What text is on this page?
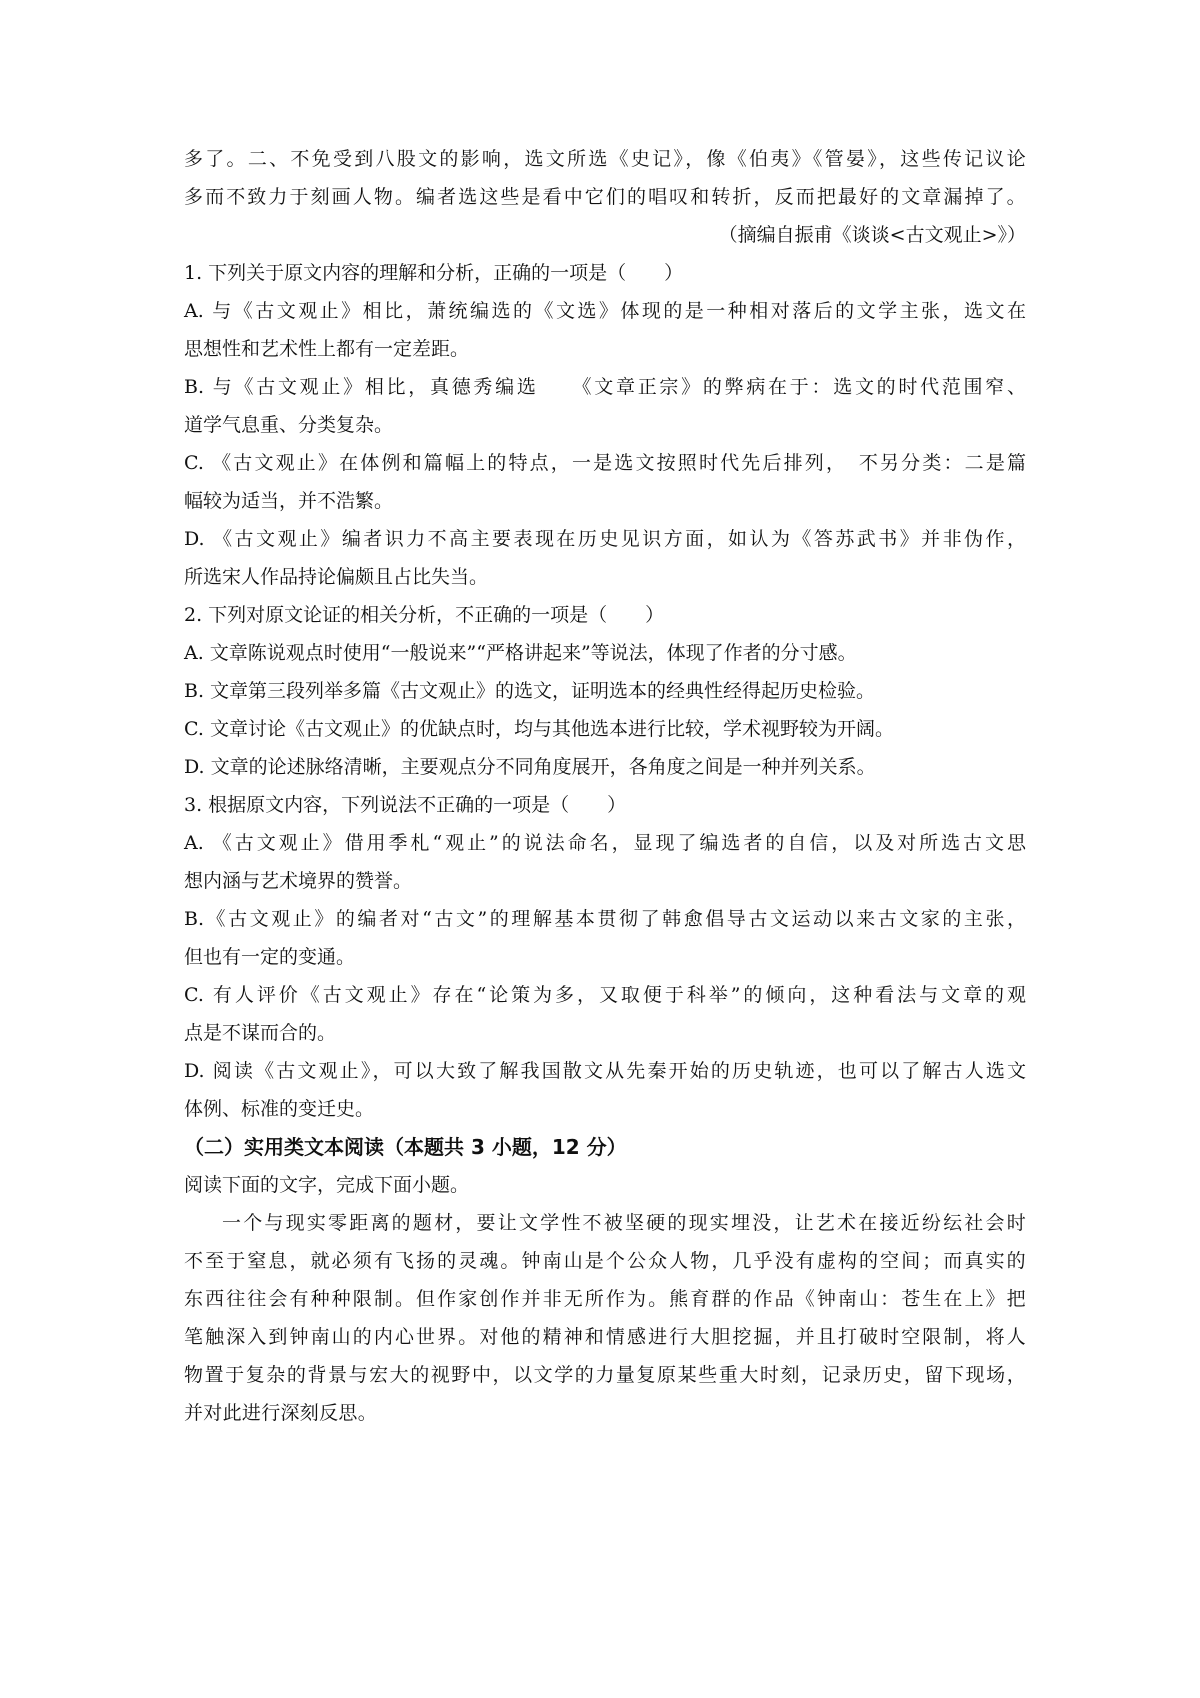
多了。二、不免受到八股文的影响，选文所选《史记》，像《伯夷》《管晏》，这些传记议论
多而不致力于刻画人物。编者选这些是看中它们的唱叹和转折，反而把最好的文章漏掉了。
（摘编自振甫《谈谈<古文观止>》）
1. 下列关于原文内容的理解和分析，正确的一项是（　　）
A. 与《古文观止》相比，萧统编选的《文选》体现的是一种相对落后的文学主张，选文在
思想性和艺术性上都有一定差距。
B. 与《古文观止》相比，真德秀编选　　《文章正宗》的弊病在于：选文的时代范围窄、
道学气息重、分类复杂。
C. 《古文观止》在体例和篇幅上的特点，一是选文按照时代先后排列，　不另分类：二是篇
幅较为适当，并不浩繁。
D. 《古文观止》编者识力不高主要表现在历史见识方面，如认为《答苏武书》并非伪作，
所选宋人作品持论偏颇且占比失当。
2. 下列对原文论证的相关分析，不正确的一项是（　　）
A. 文章陈说观点时使用“一般说来”“严格讲起来”等说法，体现了作者的分寸感。
B. 文章第三段列举多篇《古文观止》的选文，证明选本的经典性经得起历史检验。
C. 文章讨论《古文观止》的优缺点时，均与其他选本进行比较，学术视野较为开阔。
D. 文章的论述脉络清晰，主要观点分不同角度展开，各角度之间是一种并列关系。
3. 根据原文内容，下列说法不正确的一项是（　　）
A. 《古文观止》借用季札“观止”的说法命名，显现了编选者的自信，以及对所选古文思
想内涵与艺术境界的赞誉。
B.《古文观止》的编者对“古文”的理解基本贯彻了韩愈倡导古文运动以来古文家的主张，
但也有一定的变通。
C. 有人评价《古文观止》存在“论策为多，又取便于科举”的倾向，这种看法与文章的观
点是不谋而合的。
D. 阅读《古文观止》，可以大致了解我国散文从先秦开始的历史轨迹，也可以了解古人选文
体例、标准的变迁史。
（二）实用类文本阅读（本题共 3 小题，12 分）
阅读下面的文字，完成下面小题。
一个与现实零距离的题材，要让文学性不被坚硬的现实埋没，让艺术在接近纷纭社会时
不至于窒息，就必须有飞扬的灵魂。钟南山是个公众人物，几乎没有虚构的空间；而真实的
东西往往会有种种限制。但作家创作并非无所作为。熊育群的作品《钟南山：苍生在上》把
笔触深入到钟南山的内心世界。对他的精神和情感进行大胆挖掘，并且打破时空限制，将人
物置于复杂的背景与宏大的视野中，以文学的力量复原某些重大时刻，记录历史，留下现场，
并对此进行深刻反思。
